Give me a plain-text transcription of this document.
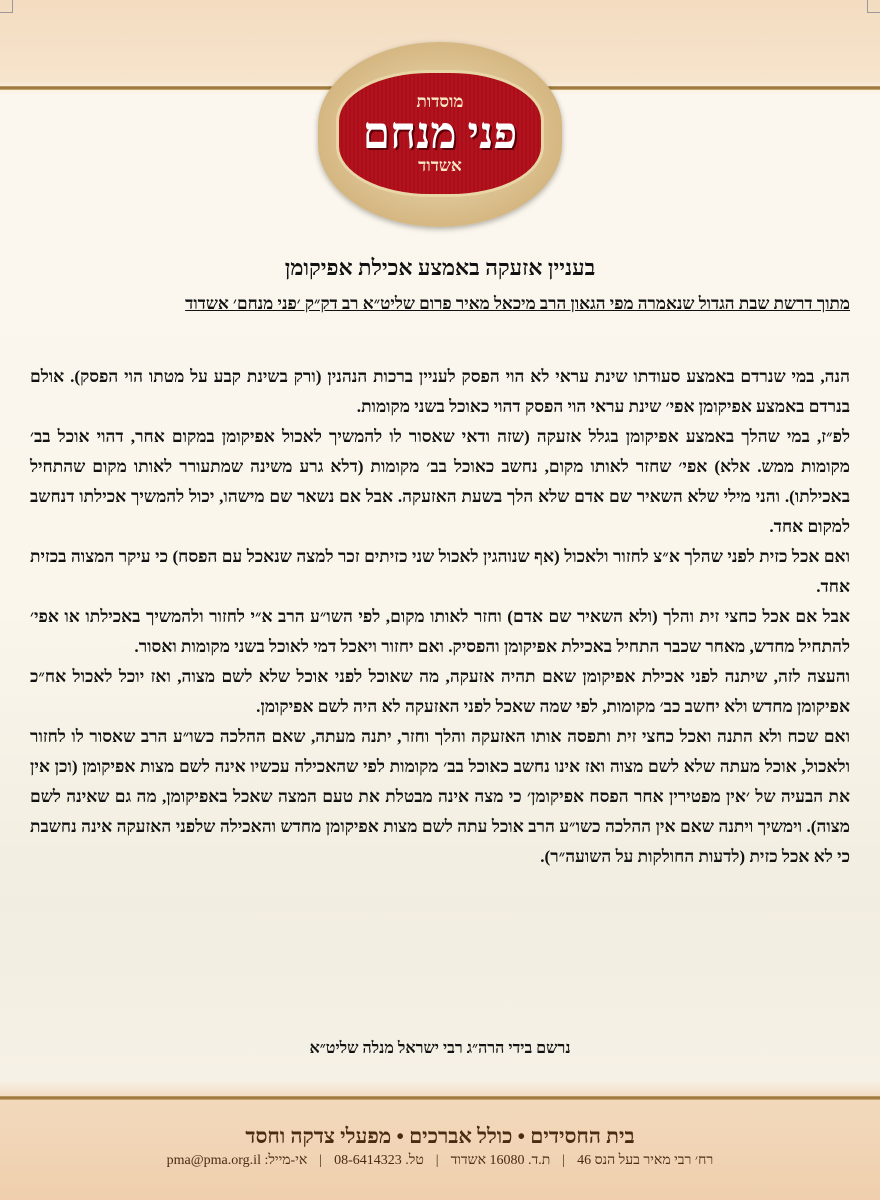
מוסדות
פני מנחם
אשדוד
בעניין אזעקה באמצע אכילת אפיקומן
מתוך דרשת שבת הגדול שנאמרה מפי הגאון הרב מיכאל מאיר פרום שליט״א רב דק״ק ׳פני מנחם׳ אשדוד

הנה, במי שנרדם באמצע סעודתו שינת עראי לא הוי הפסק לעניין ברכות הנהנין (ורק בשינת קבע על מטתו הוי הפסק). אולם בנרדם באמצע אפיקומן אפי׳ שינת עראי הוי הפסק דהוי כאוכל בשני מקומות.

לפ״ז, במי שהלך באמצע אפיקומן בגלל אזעקה (שזה ודאי שאסור לו להמשיך לאכול אפיקומן במקום אחר, דהוי אוכל בב׳ מקומות ממש. אלא) אפי׳ שחזר לאותו מקום, נחשב כאוכל בב׳ מקומות (דלא גרע משינה שמתעורר לאותו מקום שהתחיל באכילתו). והני מילי שלא השאיר שם אדם שלא הלך בשעת האזעקה. אבל אם נשאר שם מישהו, יכול להמשיך אכילתו דנחשב למקום אחד.

ואם אכל כזית לפני שהלך א״צ לחזור ולאכול (אף שנוהגין לאכול שני כזיתים זכר למצה שנאכל עם הפסח) כי עיקר המצוה בכזית אחד.

אבל אם אכל כחצי זית והלך (ולא השאיר שם אדם) וחזר לאותו מקום, לפי השו״ע הרב א״י לחזור ולהמשיך באכילתו או אפי׳ להתחיל מחדש, מאחר שכבר התחיל באכילת אפיקומן והפסיק. ואם יחזור ויאכל דמי לאוכל בשני מקומות ואסור.

והעצה לזה, שיתנה לפני אכילת אפיקומן שאם תהיה אזעקה, מה שאוכל לפני אוכל שלא לשם מצוה, ואז יוכל לאכול אח״כ אפיקומן מחדש ולא יחשב כב׳ מקומות, לפי שמה שאכל לפני האזעקה לא היה לשם אפיקומן.

ואם שכח ולא התנה ואכל כחצי זית ותפסה אותו האזעקה והלך וחזר, יתנה מעתה, שאם ההלכה כשו״ע הרב שאסור לו לחזור ולאכול, אוכל מעתה שלא לשם מצוה ואז אינו נחשב כאוכל בב׳ מקומות לפי שהאכילה עכשיו אינה לשם מצות אפיקומן (וכן אין את הבעיה של ׳אין מפטירין אחר הפסח אפיקומן׳ כי מצה אינה מבטלת את טעם המצה שאכל באפיקומן, מה גם שאינה לשם מצוה). וימשיך ויתנה שאם אין ההלכה כשו״ע הרב אוכל עתה לשם מצות אפיקומן מחדש והאכילה שלפני האזעקה אינה נחשבת כי לא אכל כזית (לדעות החולקות על השועה״ר).

נרשם בידי הרה״ג רבי ישראל מנלה שליט״א
בית החסידים • כולל אברכים • מפעלי צדקה וחסד
רח׳ רבי מאיר בעל הנס 46|ת.ד. 16080 אשדוד|טל. 08-6414323|אי-מייל: pma@pma.org.il
